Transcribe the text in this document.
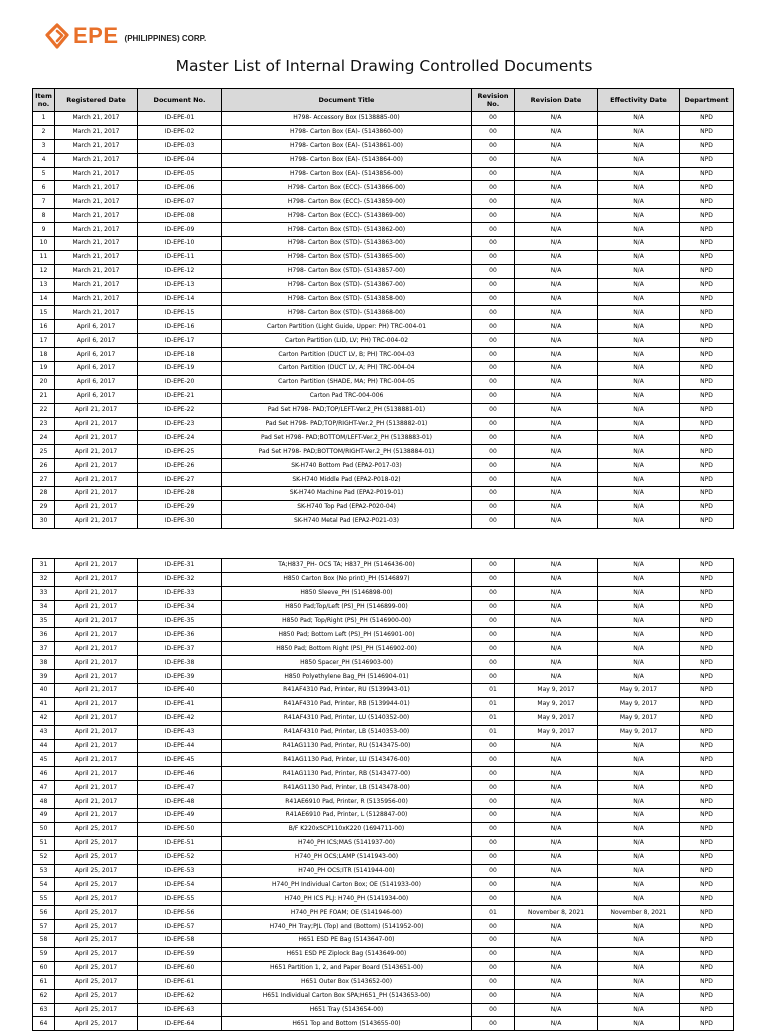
EPE (PHILIPPINES) CORP.
Master List of Internal Drawing Controlled Documents
Item
no.	Registered Date	Document No.	Document Title	Revision
No.	Revision Date	Effectivity Date	Department
1	March 21, 2017	ID-EPE-01	H798- Accessory Box (5138885-00)	00	N/A	N/A	NPD
2	March 21, 2017	ID-EPE-02	H798- Carton Box (EA)- (5143860-00)	00	N/A	N/A	NPD
3	March 21, 2017	ID-EPE-03	H798- Carton Box (EA)- (5143861-00)	00	N/A	N/A	NPD
4	March 21, 2017	ID-EPE-04	H798- Carton Box (EA)- (5143864-00)	00	N/A	N/A	NPD
5	March 21, 2017	ID-EPE-05	H798- Carton Box (EA)- (5143856-00)	00	N/A	N/A	NPD
6	March 21, 2017	ID-EPE-06	H798- Carton Box (ECC)- (5143866-00)	00	N/A	N/A	NPD
7	March 21, 2017	ID-EPE-07	H798- Carton Box (ECC)- (5143859-00)	00	N/A	N/A	NPD
8	March 21, 2017	ID-EPE-08	H798- Carton Box (ECC)- (5143869-00)	00	N/A	N/A	NPD
9	March 21, 2017	ID-EPE-09	H798- Carton Box (STD)- (5143862-00)	00	N/A	N/A	NPD
10	March 21, 2017	ID-EPE-10	H798- Carton Box (STD)- (5143863-00)	00	N/A	N/A	NPD
11	March 21, 2017	ID-EPE-11	H798- Carton Box (STD)- (5143865-00)	00	N/A	N/A	NPD
12	March 21, 2017	ID-EPE-12	H798- Carton Box (STD)- (5143857-00)	00	N/A	N/A	NPD
13	March 21, 2017	ID-EPE-13	H798- Carton Box (STD)- (5143867-00)	00	N/A	N/A	NPD
14	March 21, 2017	ID-EPE-14	H798- Carton Box (STD)- (5143858-00)	00	N/A	N/A	NPD
15	March 21, 2017	ID-EPE-15	H798- Carton Box (STD)- (5143868-00)	00	N/A	N/A	NPD
16	April 6, 2017	ID-EPE-16	Carton Partition (Light Guide, Upper: PH) TRC-004-01	00	N/A	N/A	NPD
17	April 6, 2017	ID-EPE-17	Carton Partition (LID, LV; PH) TRC-004-02	00	N/A	N/A	NPD
18	April 6, 2017	ID-EPE-18	Carton Partition (DUCT LV, B; PH) TRC-004-03	00	N/A	N/A	NPD
19	April 6, 2017	ID-EPE-19	Carton Partition (DUCT LV, A; PH) TRC-004-04	00	N/A	N/A	NPD
20	April 6, 2017	ID-EPE-20	Carton Partition (SHADE, MA; PH) TRC-004-05	00	N/A	N/A	NPD
21	April 6, 2017	ID-EPE-21	Carton Pad TRC-004-006	00	N/A	N/A	NPD
22	April 21, 2017	ID-EPE-22	Pad Set H798- PAD;TOP/LEFT-Ver.2_PH (5138881-01)	00	N/A	N/A	NPD
23	April 21, 2017	ID-EPE-23	Pad Set H798- PAD;TOP/RIGHT-Ver.2_PH (5138882-01)	00	N/A	N/A	NPD
24	April 21, 2017	ID-EPE-24	Pad Set H798- PAD;BOTTOM/LEFT-Ver.2_PH (5138883-01)	00	N/A	N/A	NPD
25	April 21, 2017	ID-EPE-25	Pad Set H798- PAD;BOTTOM/RIGHT-Ver.2_PH (5138884-01)	00	N/A	N/A	NPD
26	April 21, 2017	ID-EPE-26	SK-H740 Bottom Pad (EPA2-P017-03)	00	N/A	N/A	NPD
27	April 21, 2017	ID-EPE-27	SK-H740 Middle Pad (EPA2-P018-02)	00	N/A	N/A	NPD
28	April 21, 2017	ID-EPE-28	SK-H740 Machine Pad (EPA2-P019-01)	00	N/A	N/A	NPD
29	April 21, 2017	ID-EPE-29	SK-H740 Top Pad (EPA2-P020-04)	00	N/A	N/A	NPD
30	April 21, 2017	ID-EPE-30	SK-H740 Metal Pad (EPA2-P021-03)	00	N/A	N/A	NPD
31	April 21, 2017	ID-EPE-31	TA;H837_PH- OCS TA; H837_PH (5146436-00)	00	N/A	N/A	NPD
32	April 21, 2017	ID-EPE-32	H850 Carton Box (No print)_PH (5146897)	00	N/A	N/A	NPD
33	April 21, 2017	ID-EPE-33	H850 Sleeve_PH (5146898-00)	00	N/A	N/A	NPD
34	April 21, 2017	ID-EPE-34	H850 Pad;Top/Left (PS)_PH (5146899-00)	00	N/A	N/A	NPD
35	April 21, 2017	ID-EPE-35	H850 Pad; Top/Right (PS)_PH (5146900-00)	00	N/A	N/A	NPD
36	April 21, 2017	ID-EPE-36	H850 Pad; Bottom Left (PS)_PH (5146901-00)	00	N/A	N/A	NPD
37	April 21, 2017	ID-EPE-37	H850 Pad; Bottom Right (PS)_PH (5146902-00)	00	N/A	N/A	NPD
38	April 21, 2017	ID-EPE-38	H850 Spacer_PH (5146903-00)	00	N/A	N/A	NPD
39	April 21, 2017	ID-EPE-39	H850 Polyethylene Bag_PH (5146904-01)	00	N/A	N/A	NPD
40	April 21, 2017	ID-EPE-40	R41AF4310 Pad, Printer, RU (5139943-01)	01	May 9, 2017	May 9, 2017	NPD
41	April 21, 2017	ID-EPE-41	R41AF4310 Pad, Printer, RB (5139944-01)	01	May 9, 2017	May 9, 2017	NPD
42	April 21, 2017	ID-EPE-42	R41AF4310 Pad, Printer, LU (5140352-00)	01	May 9, 2017	May 9, 2017	NPD
43	April 21, 2017	ID-EPE-43	R41AF4310 Pad, Printer, LB (5140353-00)	01	May 9, 2017	May 9, 2017	NPD
44	April 21, 2017	ID-EPE-44	R41AG1130 Pad, Printer, RU (5143475-00)	00	N/A	N/A	NPD
45	April 21, 2017	ID-EPE-45	R41AG1130 Pad, Printer, LU (5143476-00)	00	N/A	N/A	NPD
46	April 21, 2017	ID-EPE-46	R41AG1130 Pad, Printer, RB (5143477-00)	00	N/A	N/A	NPD
47	April 21, 2017	ID-EPE-47	R41AG1130 Pad, Printer, LB (5143478-00)	00	N/A	N/A	NPD
48	April 21, 2017	ID-EPE-48	R41AE6910 Pad, Printer, R (5135956-00)	00	N/A	N/A	NPD
49	April 21, 2017	ID-EPE-49	R41AE6910 Pad, Printer, L (5128847-00)	00	N/A	N/A	NPD
50	April 25, 2017	ID-EPE-50	B/F K220xSCP110xK220 (1694711-00)	00	N/A	N/A	NPD
51	April 25, 2017	ID-EPE-51	H740_PH ICS;MAS (5141937-00)	00	N/A	N/A	NPD
52	April 25, 2017	ID-EPE-52	H740_PH OCS;LAMP (5141943-00)	00	N/A	N/A	NPD
53	April 25, 2017	ID-EPE-53	H740_PH OCS;ITR (5141944-00)	00	N/A	N/A	NPD
54	April 25, 2017	ID-EPE-54	H740_PH Individual Carton Box; OE (5141933-00)	00	N/A	N/A	NPD
55	April 25, 2017	ID-EPE-55	H740_PH ICS PLJ: H740_PH (5141934-00)	00	N/A	N/A	NPD
56	April 25, 2017	ID-EPE-56	H740_PH PE FOAM; OE (5141946-00)	01	November 8, 2021	November 8, 2021	NPD
57	April 25, 2017	ID-EPE-57	H740_PH Tray;PJL (Top) and (Bottom) (5141952-00)	00	N/A	N/A	NPD
58	April 25, 2017	ID-EPE-58	H651 ESD PE Bag (5143647-00)	00	N/A	N/A	NPD
59	April 25, 2017	ID-EPE-59	H651 ESD PE Ziplock Bag (5143649-00)	00	N/A	N/A	NPD
60	April 25, 2017	ID-EPE-60	H651 Partition 1, 2, and Paper Board (5143651-00)	00	N/A	N/A	NPD
61	April 25, 2017	ID-EPE-61	H651 Outer Box (5143652-00)	00	N/A	N/A	NPD
62	April 25, 2017	ID-EPE-62	H651 Individual Carton Box SPA;H651_PH (5143653-00)	00	N/A	N/A	NPD
63	April 25, 2017	ID-EPE-63	H651 Tray (5143654-00)	00	N/A	N/A	NPD
64	April 25, 2017	ID-EPE-64	H651 Top and Bottom (5143655-00)	00	N/A	N/A	NPD
